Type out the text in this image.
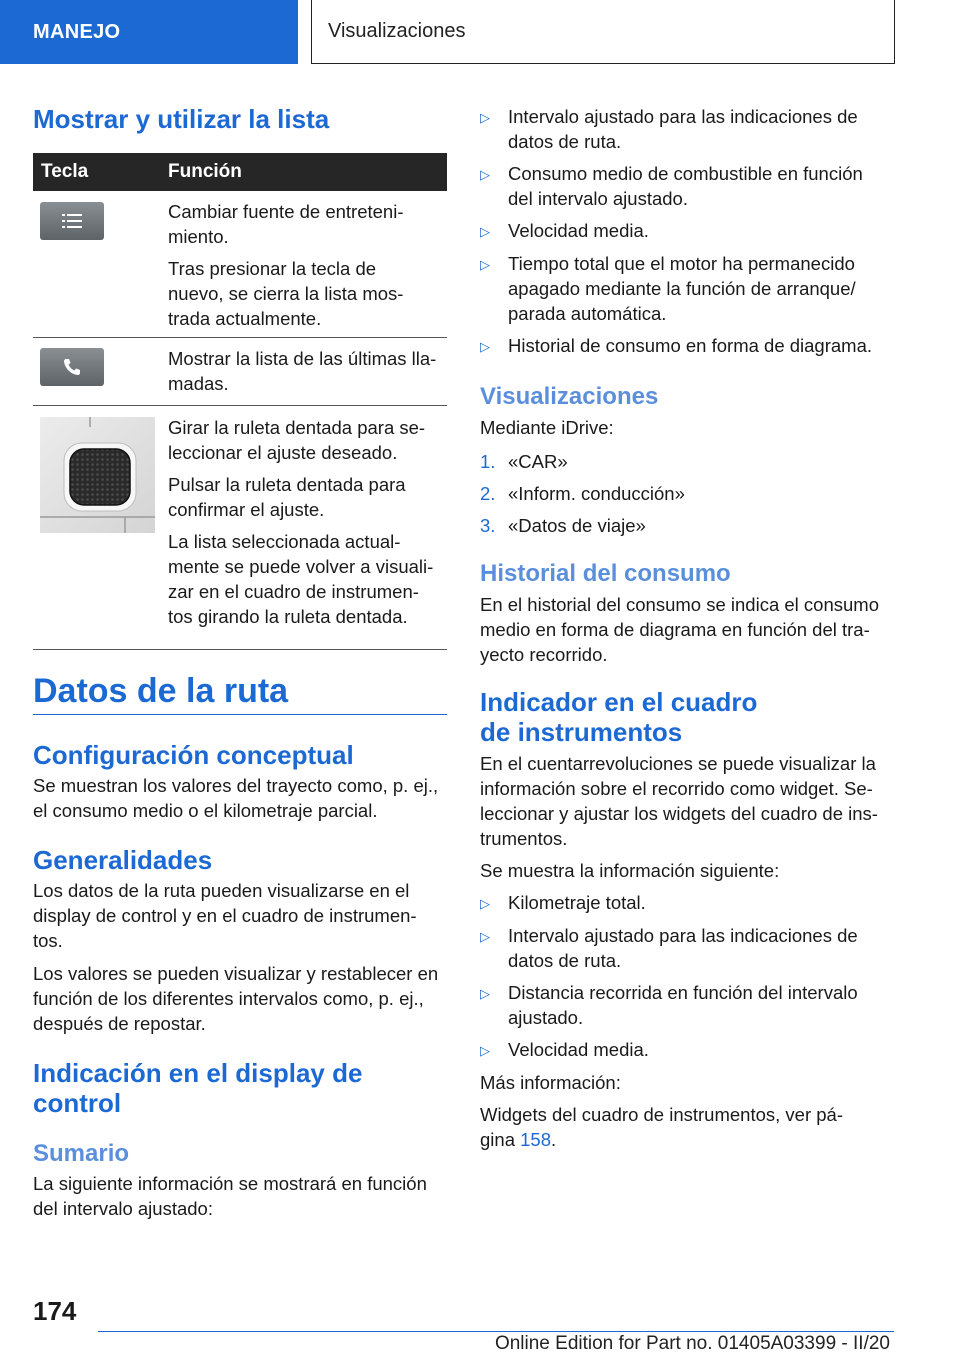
MANEJO	Visualizaciones
Mostrar y utilizar la lista
Tecla	Función

Cambiar fuente de entreteni-

miento.

Tras presionar la tecla de

nuevo, se cierra la lista mos-

trada actualmente.

Mostrar la lista de las últimas lla-

madas.

Girar la ruleta dentada para se-

leccionar el ajuste deseado.

Pulsar la ruleta dentada para

confirmar el ajuste.

La lista seleccionada actual-

mente se puede volver a visuali-

zar en el cuadro de instrumen-

tos girando la ruleta dentada.

Datos de la ruta
Configuración conceptual

Se muestran los valores del trayecto como, p. ej.,

el consumo medio o el kilometraje parcial.

Generalidades

Los datos de la ruta pueden visualizarse en el

display de control y en el cuadro de instrumen-

tos.

Los valores se pueden visualizar y restablecer en

función de los diferentes intervalos como, p. ej.,

después de repostar.

Indicación en el display de
control
Sumario

La siguiente información se mostrará en función

del intervalo ajustado:

▷ Intervalo ajustado para las indicaciones de
datos de ruta.
▷ Consumo medio de combustible en función
del intervalo ajustado.
▷ Velocidad media.
▷ Tiempo total que el motor ha permanecido
apagado mediante la función de arranque/
parada automática.
▷ Historial de consumo en forma de diagrama.
Visualizaciones

Mediante iDrive:

1. «CAR»
2. «Inform. conducción»
3. «Datos de viaje»
Historial del consumo

En el historial del consumo se indica el consumo

medio en forma de diagrama en función del tra-

yecto recorrido.

Indicador en el cuadro
de instrumentos

En el cuentarrevoluciones se puede visualizar la

información sobre el recorrido como widget. Se-

leccionar y ajustar los widgets del cuadro de ins-

trumentos.

Se muestra la información siguiente:

▷ Kilometraje total.
▷ Intervalo ajustado para las indicaciones de
datos de ruta.
▷ Distancia recorrida en función del intervalo
ajustado.
▷ Velocidad media.

Más información:

Widgets del cuadro de instrumentos, ver pá-

gina 158.

174
Online Edition for Part no. 01405A03399 - II/20
